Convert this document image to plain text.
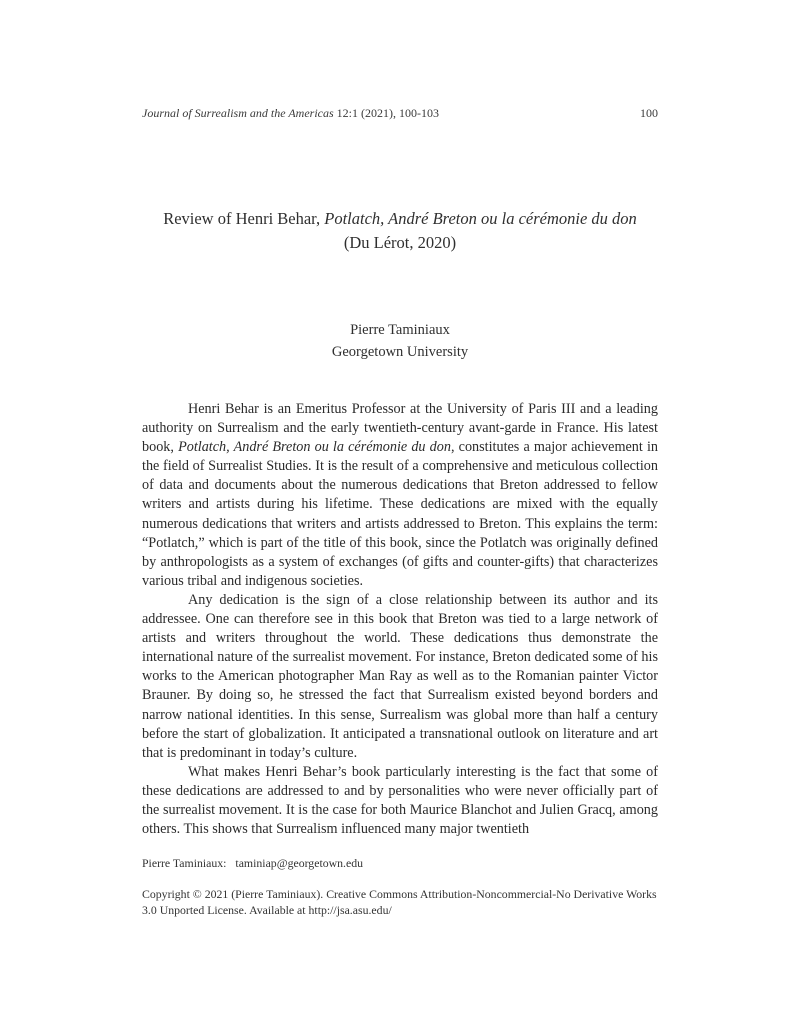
Journal of Surrealism and the Americas 12:1 (2021), 100-103	100
Review of Henri Behar, Potlatch, André Breton ou la cérémonie du don
(Du Lérot, 2020)
Pierre Taminiaux
Georgetown University

Henri Behar is an Emeritus Professor at the University of Paris III and a leading authority on Surrealism and the early twentieth-century avant-garde in France. His latest book, Potlatch, André Breton ou la cérémonie du don, constitutes a major achievement in the field of Surrealist Studies. It is the result of a comprehensive and meticulous collection of data and documents about the numerous dedications that Breton addressed to fellow writers and artists during his lifetime. These dedications are mixed with the equally numerous dedications that writers and artists addressed to Breton. This explains the term: “Potlatch,” which is part of the title of this book, since the Potlatch was originally defined by anthropologists as a system of exchanges (of gifts and counter-gifts) that characterizes various tribal and indigenous societies.

Any dedication is the sign of a close relationship between its author and its addressee. One can therefore see in this book that Breton was tied to a large network of artists and writers throughout the world. These dedications thus demonstrate the international nature of the surrealist movement. For instance, Breton dedicated some of his works to the American photographer Man Ray as well as to the Romanian painter Victor Brauner. By doing so, he stressed the fact that Surrealism existed beyond borders and narrow national identities. In this sense, Surrealism was global more than half a century before the start of globalization. It anticipated a transnational outlook on literature and art that is predominant in today’s culture.

What makes Henri Behar’s book particularly interesting is the fact that some of these dedications are addressed to and by personalities who were never officially part of the surrealist movement. It is the case for both Maurice Blanchot and Julien Gracq, among others. This shows that Surrealism influenced many major twentieth

Pierre Taminiaux: taminiap@georgetown.edu
Copyright © 2021 (Pierre Taminiaux). Creative Commons Attribution-Noncommercial-No Derivative Works 3.0 Unported License. Available at http://jsa.asu.edu/
